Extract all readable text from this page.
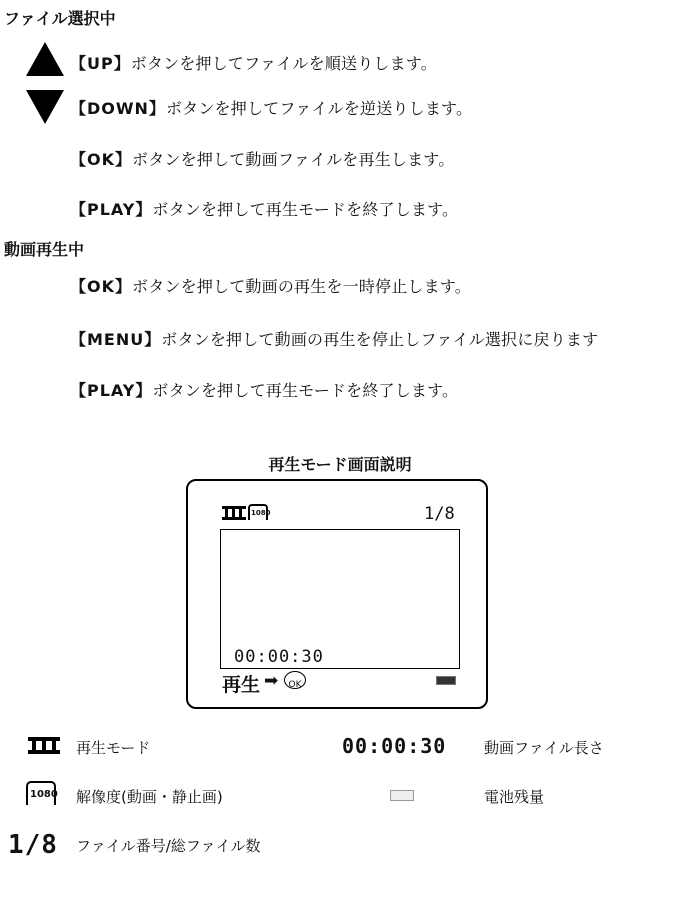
ファイル選択中
【UP】ボタンを押してファイルを順送りします。
【DOWN】ボタンを押してファイルを逆送りします。
【OK】ボタンを押して動画ファイルを再生します。
【PLAY】ボタンを押して再生モードを終了します。
動画再生中
【OK】ボタンを押して動画の再生を一時停止します。
【MENU】ボタンを押して動画の再生を停止しファイル選択に戻ります
【PLAY】ボタンを押して再生モードを終了します。
再生モード画面説明
1080	1/8
00:00:30
再生 ➡	OK
再生モード	00:00:30	動画ファイル長さ
1080 解像度(動画・静止画)	電池残量
1/8 ファイル番号/総ファイル数
